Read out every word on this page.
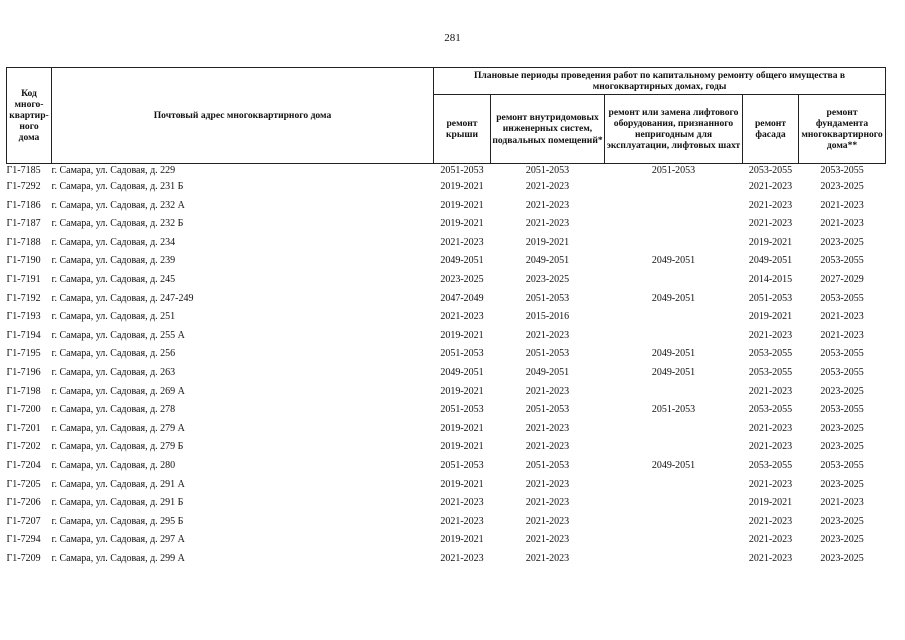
281
Код много-квартир-ного дома	Почтовый адрес многоквартирного дома	Плановые периоды проведения работ по капитальному ремонту общего имущества в многоквартирных домах, годы				
		ремонт крыши	ремонт внутридомовых инженерных систем, подвальных помещений*	ремонт или замена лифтового оборудования, признанного непригодным для эксплуатации, лифтовых шахт	ремонт фасада	ремонт фундамента многоквартирного дома**
Г1-7185	г. Самара, ул. Садовая, д. 229	2051-2053	2051-2053	2051-2053	2053-2055	2053-2055
Г1-7292	г. Самара, ул. Садовая, д. 231 Б	2019-2021	2021-2023		2021-2023	2023-2025
Г1-7186	г. Самара, ул. Садовая, д. 232 А	2019-2021	2021-2023		2021-2023	2021-2023
Г1-7187	г. Самара, ул. Садовая, д. 232 Б	2019-2021	2021-2023		2021-2023	2021-2023
Г1-7188	г. Самара, ул. Садовая, д. 234	2021-2023	2019-2021		2019-2021	2023-2025
Г1-7190	г. Самара, ул. Садовая, д. 239	2049-2051	2049-2051	2049-2051	2049-2051	2053-2055
Г1-7191	г. Самара, ул. Садовая, д. 245	2023-2025	2023-2025		2014-2015	2027-2029
Г1-7192	г. Самара, ул. Садовая, д. 247-249	2047-2049	2051-2053	2049-2051	2051-2053	2053-2055
Г1-7193	г. Самара, ул. Садовая, д. 251	2021-2023	2015-2016		2019-2021	2021-2023
Г1-7194	г. Самара, ул. Садовая, д. 255 А	2019-2021	2021-2023		2021-2023	2021-2023
Г1-7195	г. Самара, ул. Садовая, д. 256	2051-2053	2051-2053	2049-2051	2053-2055	2053-2055
Г1-7196	г. Самара, ул. Садовая, д. 263	2049-2051	2049-2051	2049-2051	2053-2055	2053-2055
Г1-7198	г. Самара, ул. Садовая, д. 269 А	2019-2021	2021-2023		2021-2023	2023-2025
Г1-7200	г. Самара, ул. Садовая, д. 278	2051-2053	2051-2053	2051-2053	2053-2055	2053-2055
Г1-7201	г. Самара, ул. Садовая, д. 279 А	2019-2021	2021-2023		2021-2023	2023-2025
Г1-7202	г. Самара, ул. Садовая, д. 279 Б	2019-2021	2021-2023		2021-2023	2023-2025
Г1-7204	г. Самара, ул. Садовая, д. 280	2051-2053	2051-2053	2049-2051	2053-2055	2053-2055
Г1-7205	г. Самара, ул. Садовая, д. 291 А	2019-2021	2021-2023		2021-2023	2023-2025
Г1-7206	г. Самара, ул. Садовая, д. 291 Б	2021-2023	2021-2023		2019-2021	2021-2023
Г1-7207	г. Самара, ул. Садовая, д. 295 Б	2021-2023	2021-2023		2021-2023	2023-2025
Г1-7294	г. Самара, ул. Садовая, д. 297 А	2019-2021	2021-2023		2021-2023	2023-2025
Г1-7209	г. Самара, ул. Садовая, д. 299 А	2021-2023	2021-2023		2021-2023	2023-2025
